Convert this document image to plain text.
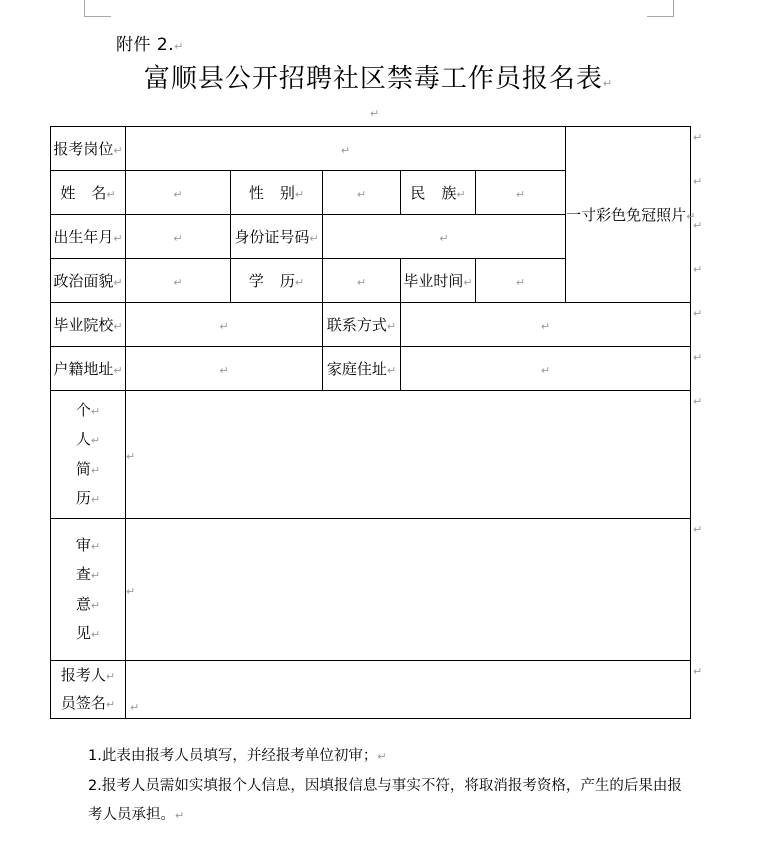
附件 2.↵
富顺县公开招聘社区禁毒工作员报名表↵
↵
报考岗位↵	↵					一寸彩色免冠照片↵
姓 名↵	↵	性 别↵	↵	民 族↵	↵	
出生年月↵	↵	身份证号码↵	↵			
政治面貌↵	↵	学 历↵	↵	毕业时间↵	↵	
毕业院校↵	↵		联系方式↵	↵		
户籍地址↵	↵		家庭住址↵	↵		

个↵
人↵
简↵
历↵	↵					

审↵
查↵
意↵
见↵	↵					

报考人↵
员签名↵	↵					
↵
↵
↵
↵
↵
↵
↵
↵
↵
1.此表由报考人员填写，并经报考单位初审；↵
2.报考人员需如实填报个人信息，因填报信息与事实不符，将取消报考资格，产生的后果由报考人员承担。↵
